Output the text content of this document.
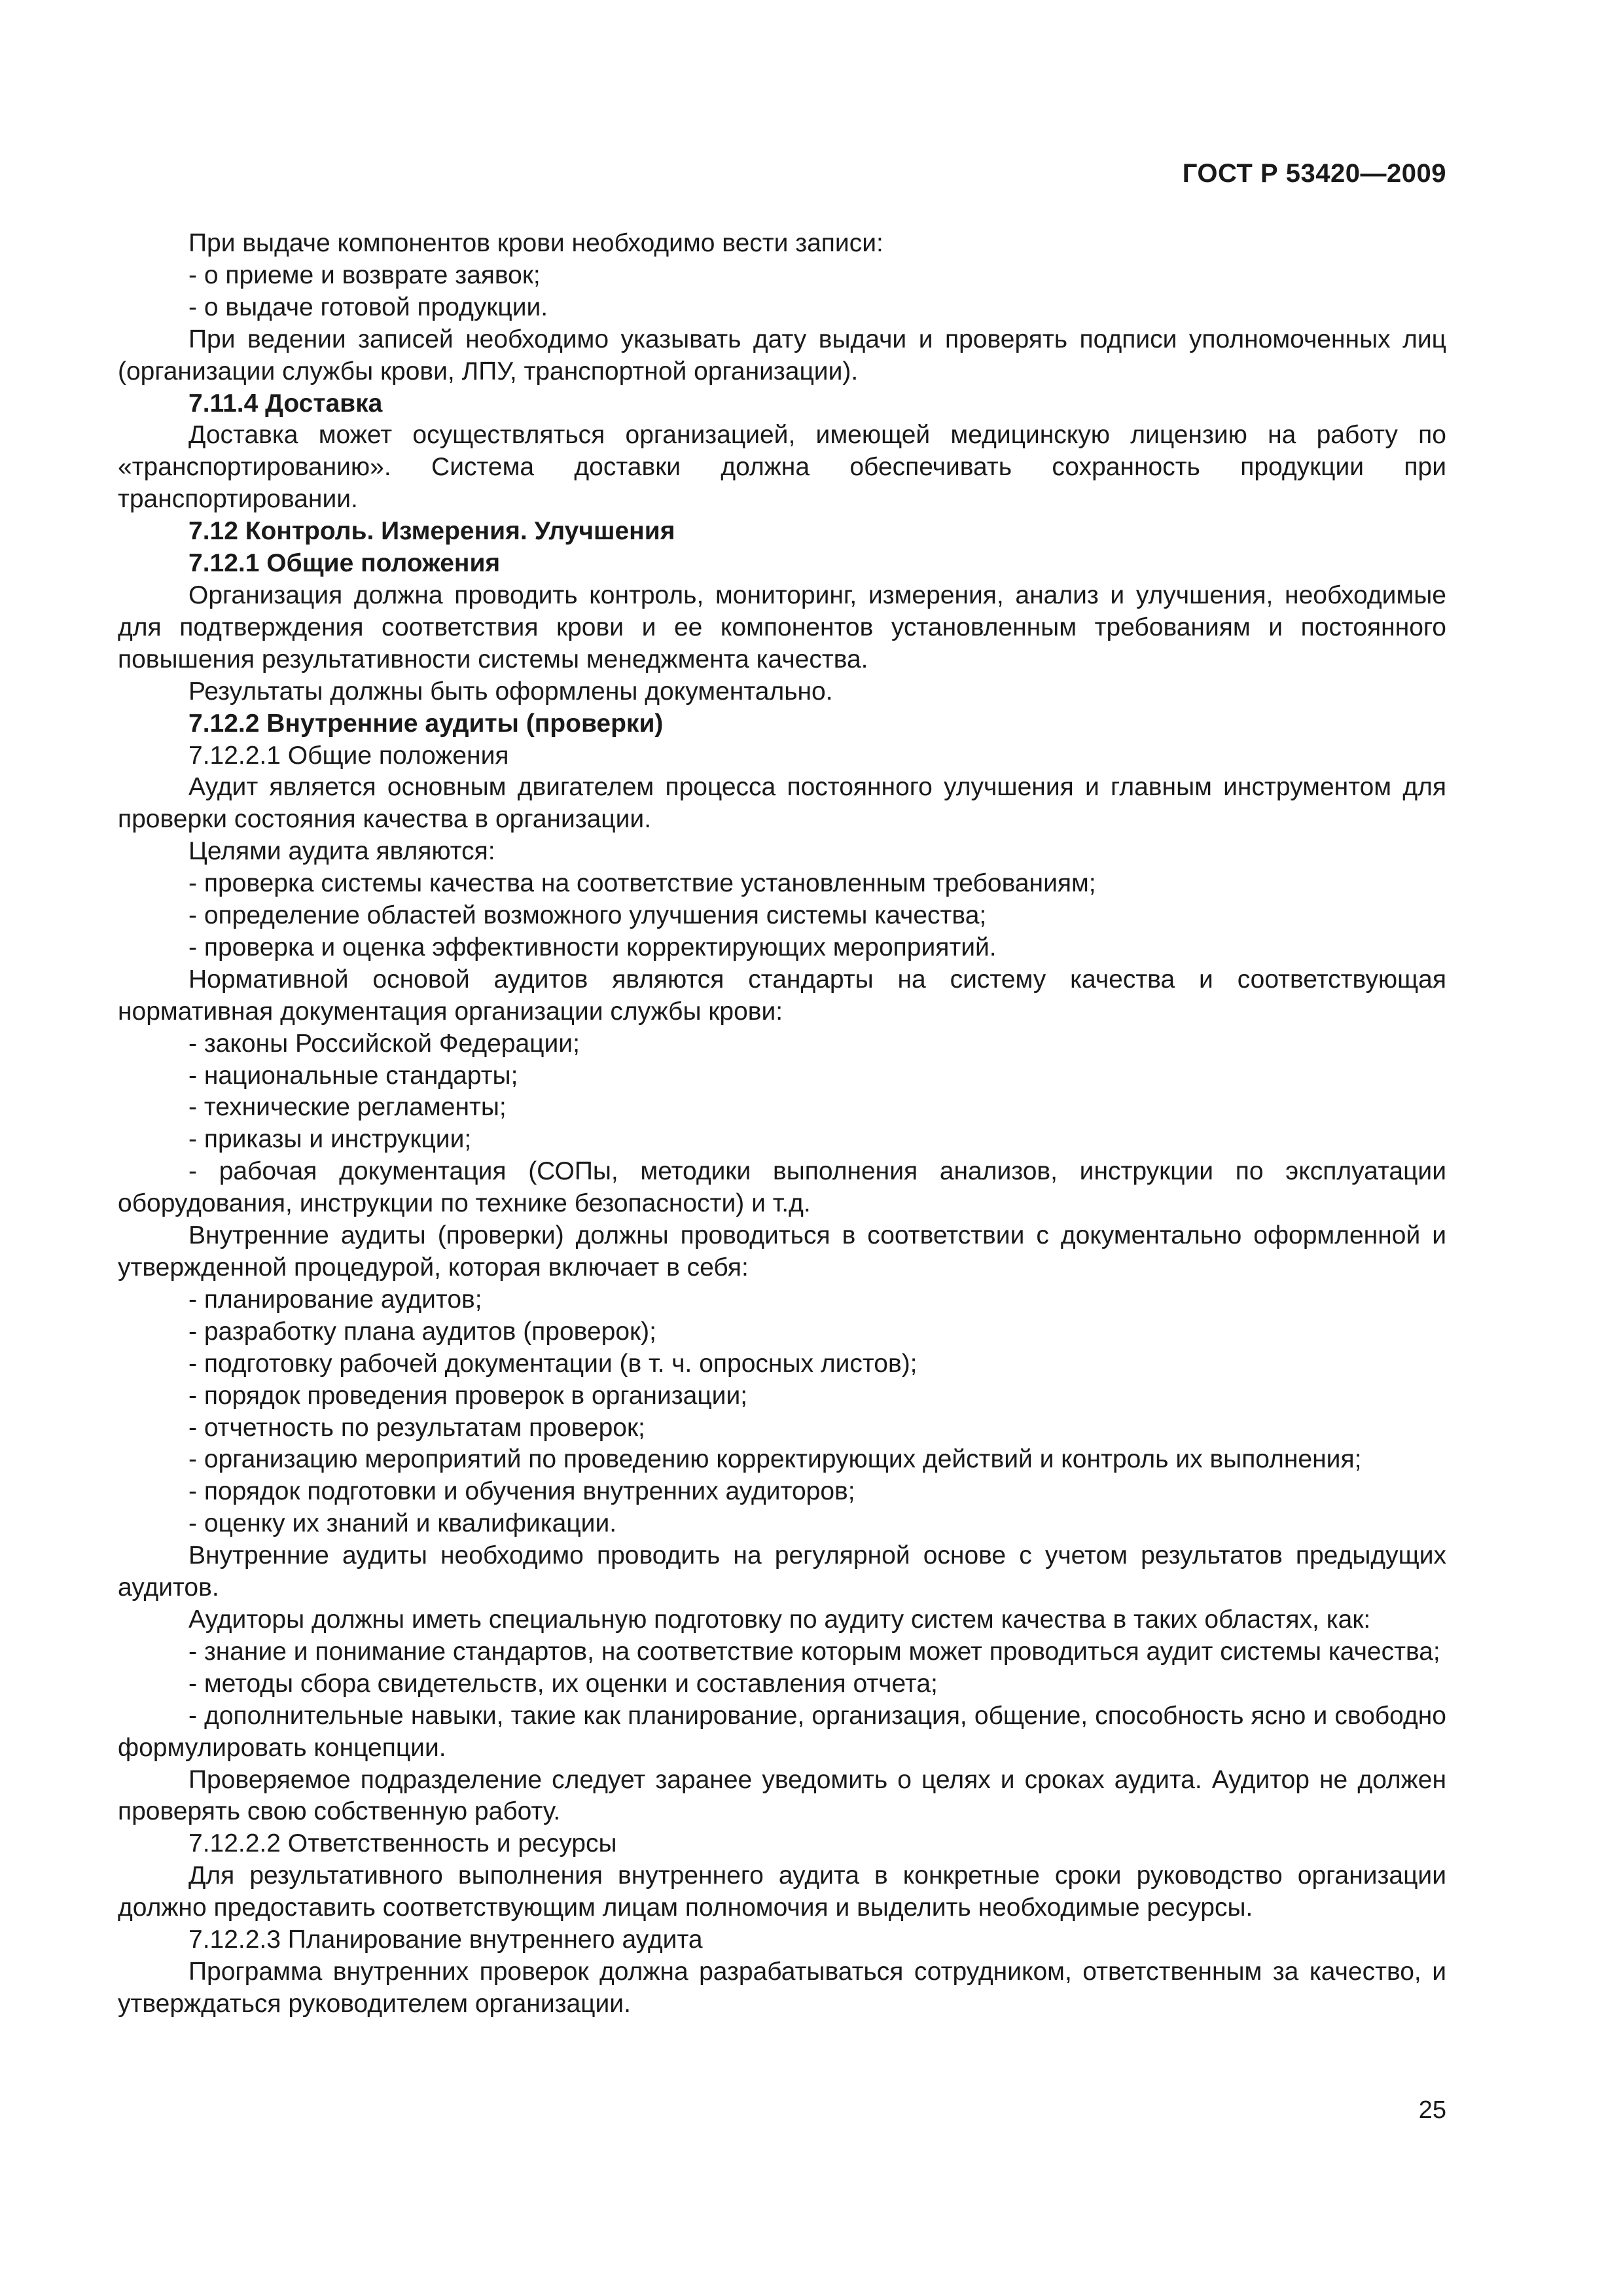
ГОСТ Р 53420—2009

При выдаче компонентов крови необходимо вести записи:

- о приеме и возврате заявок;

- о выдаче готовой продукции.

При ведении записей необходимо указывать дату выдачи и проверять подписи уполномоченных лиц (организации службы крови, ЛПУ, транспортной организации).

7.11.4 Доставка

Доставка может осуществляться организацией, имеющей медицинскую лицензию на работу по «транспортированию». Система доставки должна обеспечивать сохранность продукции при транспортировании.

7.12 Контроль. Измерения. Улучшения

7.12.1 Общие положения

Организация должна проводить контроль, мониторинг, измерения, анализ и улучшения, необходимые для подтверждения соответствия крови и ее компонентов установленным требованиям и постоянного повышения результативности системы менеджмента качества.

Результаты должны быть оформлены документально.

7.12.2 Внутренние аудиты (проверки)

7.12.2.1 Общие положения

Аудит является основным двигателем процесса постоянного улучшения и главным инструментом для проверки состояния качества в организации.

Целями аудита являются:

- проверка системы качества на соответствие установленным требованиям;

- определение областей возможного улучшения системы качества;

- проверка и оценка эффективности корректирующих мероприятий.

Нормативной основой аудитов являются стандарты на систему качества и соответствующая нормативная документация организации службы крови:

- законы Российской Федерации;

- национальные стандарты;

- технические регламенты;

- приказы и инструкции;

- рабочая документация (СОПы, методики выполнения анализов, инструкции по эксплуатации оборудования, инструкции по технике безопасности) и т.д.

Внутренние аудиты (проверки) должны проводиться в соответствии с документально оформленной и утвержденной процедурой, которая включает в себя:

- планирование аудитов;

- разработку плана аудитов (проверок);

- подготовку рабочей документации (в т. ч. опросных листов);

- порядок проведения проверок в организации;

- отчетность по результатам проверок;

- организацию мероприятий по проведению корректирующих действий и контроль их выполнения;

- порядок подготовки и обучения внутренних аудиторов;

- оценку их знаний и квалификации.

Внутренние аудиты необходимо проводить на регулярной основе с учетом результатов предыдущих аудитов.

Аудиторы должны иметь специальную подготовку по аудиту систем качества в таких областях, как:

- знание и понимание стандартов, на соответствие которым может проводиться аудит системы качества;

- методы сбора свидетельств, их оценки и составления отчета;

- дополнительные навыки, такие как планирование, организация, общение, способность ясно и свободно формулировать концепции.

Проверяемое подразделение следует заранее уведомить о целях и сроках аудита. Аудитор не должен проверять свою собственную работу.

7.12.2.2 Ответственность и ресурсы

Для результативного выполнения внутреннего аудита в конкретные сроки руководство организации должно предоставить соответствующим лицам полномочия и выделить необходимые ресурсы.

7.12.2.3 Планирование внутреннего аудита

Программа внутренних проверок должна разрабатываться сотрудником, ответственным за качество, и утверждаться руководителем организации.

25
